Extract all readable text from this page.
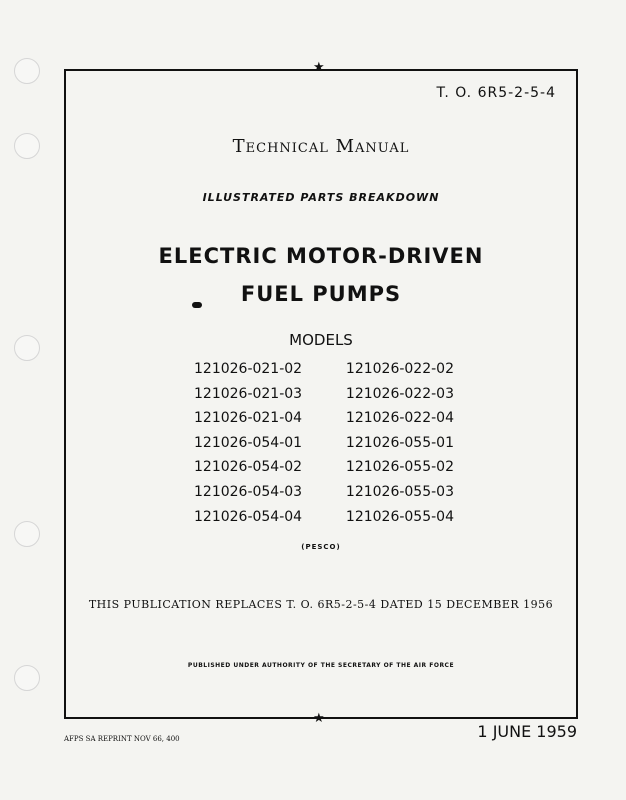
★
★
T. O. 6R5-2-5-4
Technical Manual
ILLUSTRATED PARTS BREAKDOWN
ELECTRIC MOTOR-DRIVEN
FUEL PUMPS
MODELS
121026-021-02	121026-022-02
121026-021-03	121026-022-03
121026-021-04	121026-022-04
121026-054-01	121026-055-01
121026-054-02	121026-055-02
121026-054-03	121026-055-03
121026-054-04	121026-055-04
(PESCO)
THIS PUBLICATION REPLACES T. O. 6R5-2-5-4 DATED 15 DECEMBER 1956
PUBLISHED UNDER AUTHORITY OF THE SECRETARY OF THE AIR FORCE
AFPS SA REPRINT NOV 66, 400	1 JUNE 1959
